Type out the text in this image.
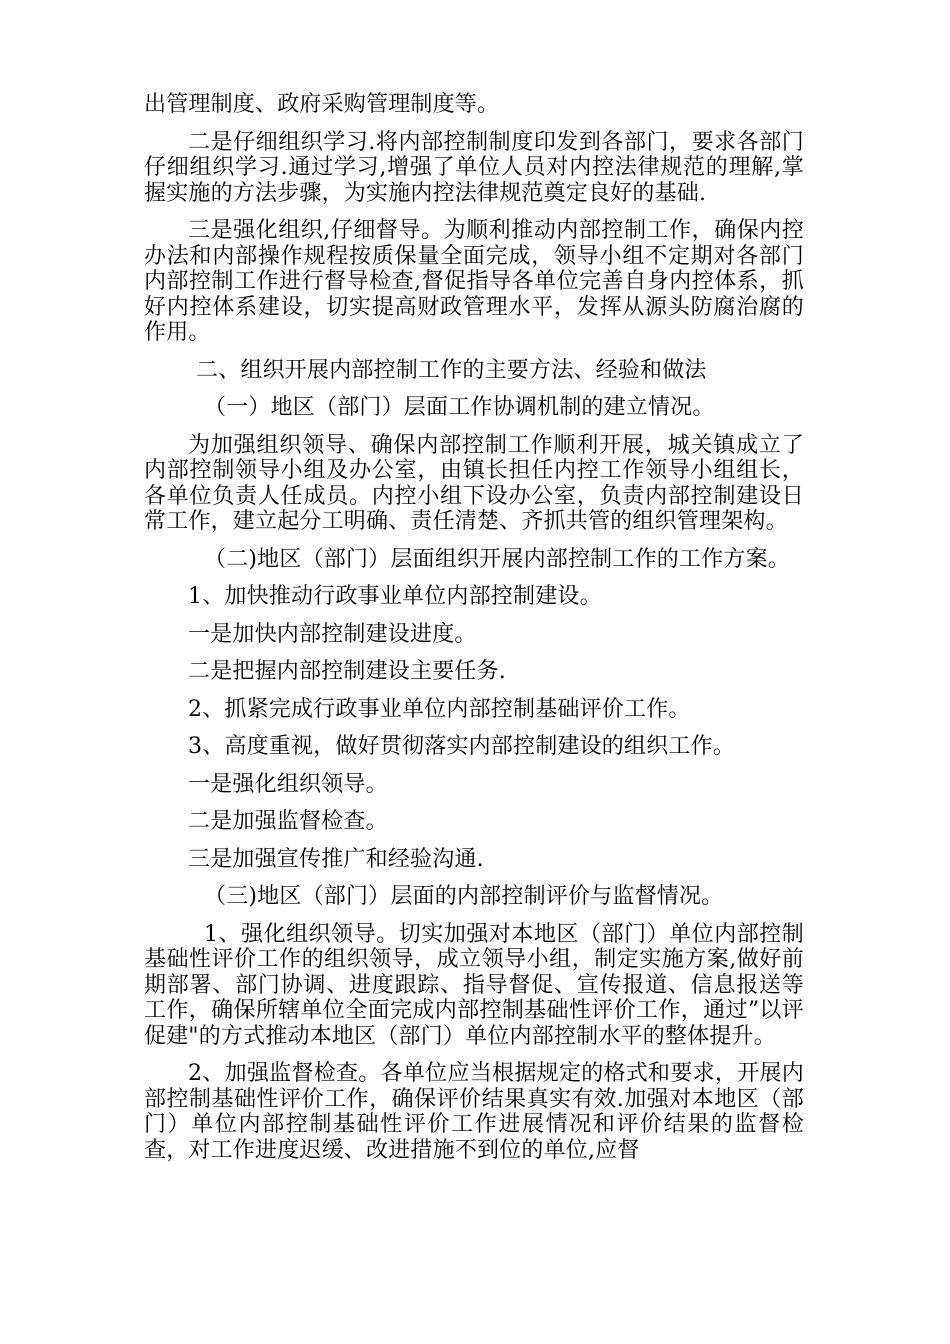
出管理制度、政府采购管理制度等。

二是仔细组织学习.将内部控制制度印发到各部门，要求各部门仔细组织学习.通过学习,增强了单位人员对内控法律规范的理解,掌握实施的方法步骤，为实施内控法律规范奠定良好的基础.

三是强化组织,仔细督导。为顺利推动内部控制工作，确保内控办法和内部操作规程按质保量全面完成，领导小组不定期对各部门内部控制工作进行督导检查,督促指导各单位完善自身内控体系，抓好内控体系建设，切实提高财政管理水平，发挥从源头防腐治腐的作用。

二、组织开展内部控制工作的主要方法、经验和做法

（一）地区（部门）层面工作协调机制的建立情况。

为加强组织领导、确保内部控制工作顺利开展，城关镇成立了内部控制领导小组及办公室，由镇长担任内控工作领导小组组长，各单位负责人任成员。内控小组下设办公室，负责内部控制建设日常工作，建立起分工明确、责任清楚、齐抓共管的组织管理架构。

（二)地区（部门）层面组织开展内部控制工作的工作方案。

1、加快推动行政事业单位内部控制建设。

一是加快内部控制建设进度。

二是把握内部控制建设主要任务.

2、抓紧完成行政事业单位内部控制基础评价工作。

3、高度重视，做好贯彻落实内部控制建设的组织工作。

一是强化组织领导。

二是加强监督检查。

三是加强宣传推广和经验沟通.

（三)地区（部门）层面的内部控制评价与监督情况。

1、强化组织领导。切实加强对本地区（部门）单位内部控制基础性评价工作的组织领导，成立领导小组，制定实施方案,做好前期部署、部门协调、进度跟踪、指导督促、宣传报道、信息报送等工作，确保所辖单位全面完成内部控制基础性评价工作，通过”以评促建"的方式推动本地区（部门）单位内部控制水平的整体提升。

2、加强监督检查。各单位应当根据规定的格式和要求，开展内部控制基础性评价工作，确保评价结果真实有效.加强对本地区（部门）单位内部控制基础性评价工作进展情况和评价结果的监督检查，对工作进度迟缓、改进措施不到位的单位,应督
